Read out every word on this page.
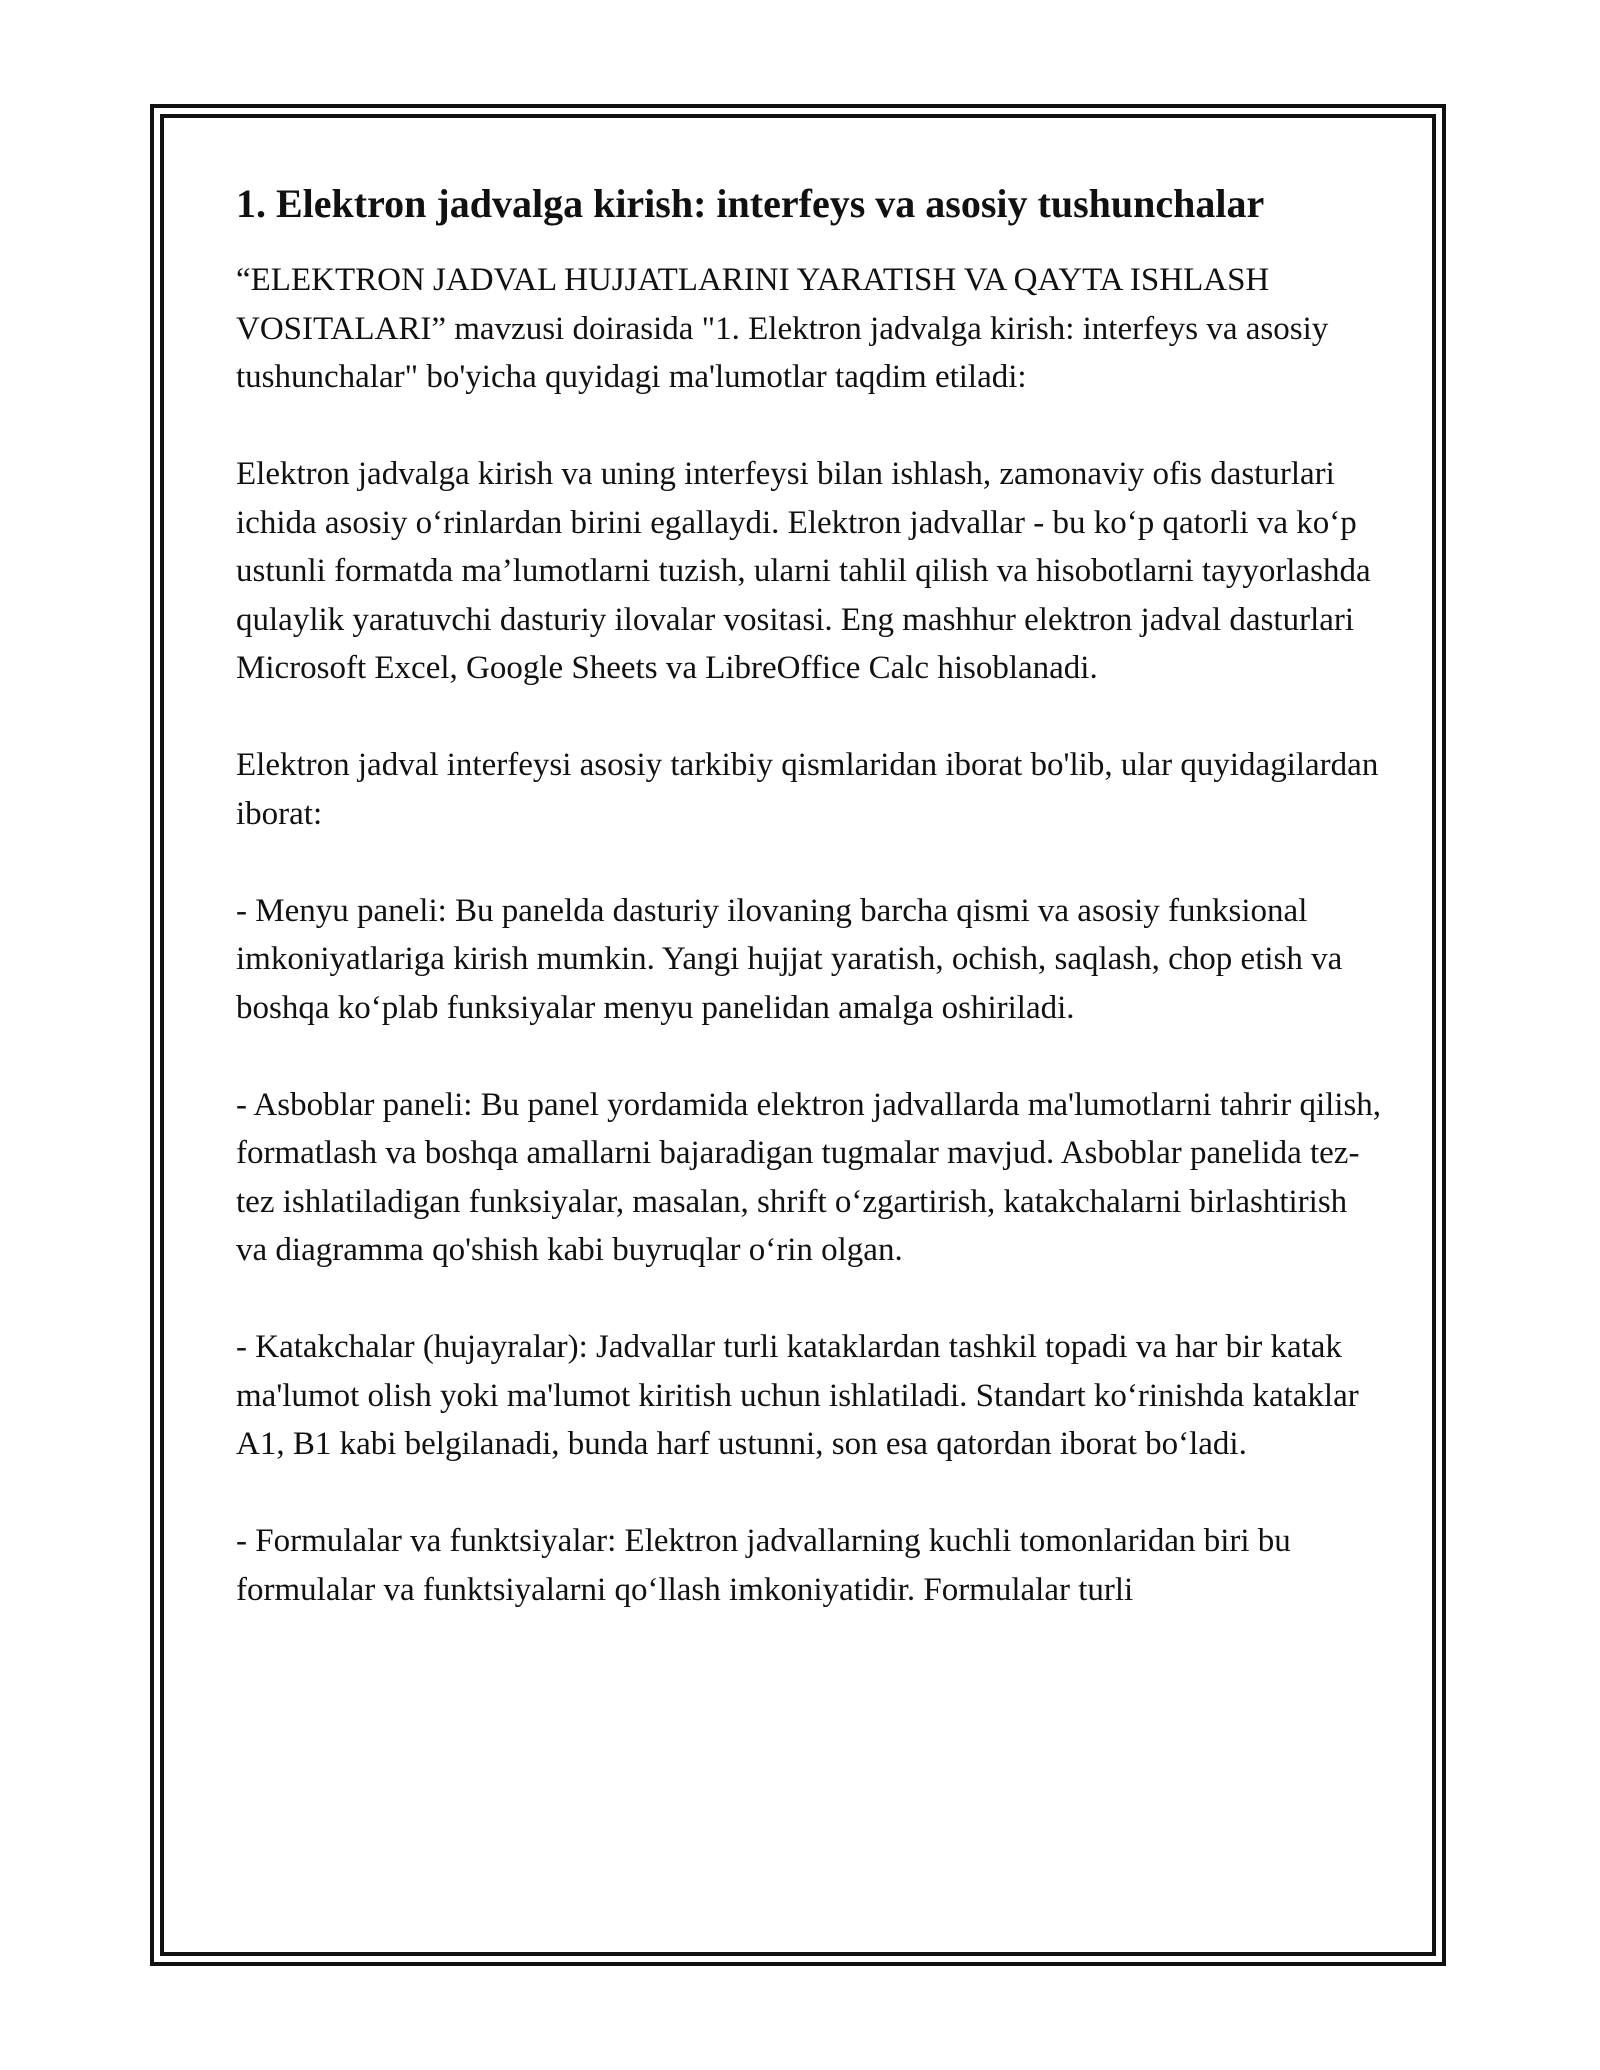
1. Elektron jadvalga kirish: interfeys va asosiy tushunchalar

“ELEKTRON JADVAL HUJJATLARINI YARATISH VA QAYTA ISHLASH VOSITALARI” mavzusi doirasida "1. Elektron jadvalga kirish: interfeys va asosiy tushunchalar" bo'yicha quyidagi ma'lumotlar taqdim etiladi:

Elektron jadvalga kirish va uning interfeysi bilan ishlash, zamonaviy ofis dasturlari ichida asosiy o‘rinlardan birini egallaydi. Elektron jadvallar - bu ko‘p qatorli va ko‘p ustunli formatda ma’lumotlarni tuzish, ularni tahlil qilish va hisobotlarni tayyorlashda qulaylik yaratuvchi dasturiy ilovalar vositasi. Eng mashhur elektron jadval dasturlari Microsoft Excel, Google Sheets va LibreOffice Calc hisoblanadi.

Elektron jadval interfeysi asosiy tarkibiy qismlaridan iborat bo'lib, ular quyidagilardan iborat:

- Menyu paneli: Bu panelda dasturiy ilovaning barcha qismi va asosiy funksional imkoniyatlariga kirish mumkin. Yangi hujjat yaratish, ochish, saqlash, chop etish va boshqa ko‘plab funksiyalar menyu panelidan amalga oshiriladi.

- Asboblar paneli: Bu panel yordamida elektron jadvallarda ma'lumotlarni tahrir qilish, formatlash va boshqa amallarni bajaradigan tugmalar mavjud. Asboblar panelida tez-tez ishlatiladigan funksiyalar, masalan, shrift o‘zgartirish, katakchalarni birlashtirish va diagramma qo'shish kabi buyruqlar o‘rin olgan.

- Katakchalar (hujayralar): Jadvallar turli kataklardan tashkil topadi va har bir katak ma'lumot olish yoki ma'lumot kiritish uchun ishlatiladi. Standart ko‘rinishda kataklar A1, B1 kabi belgilanadi, bunda harf ustunni, son esa qatordan iborat bo‘ladi.

- Formulalar va funktsiyalar: Elektron jadvallarning kuchli tomonlaridan biri bu formulalar va funktsiyalarni qo‘llash imkoniyatidir. Formulalar turli
